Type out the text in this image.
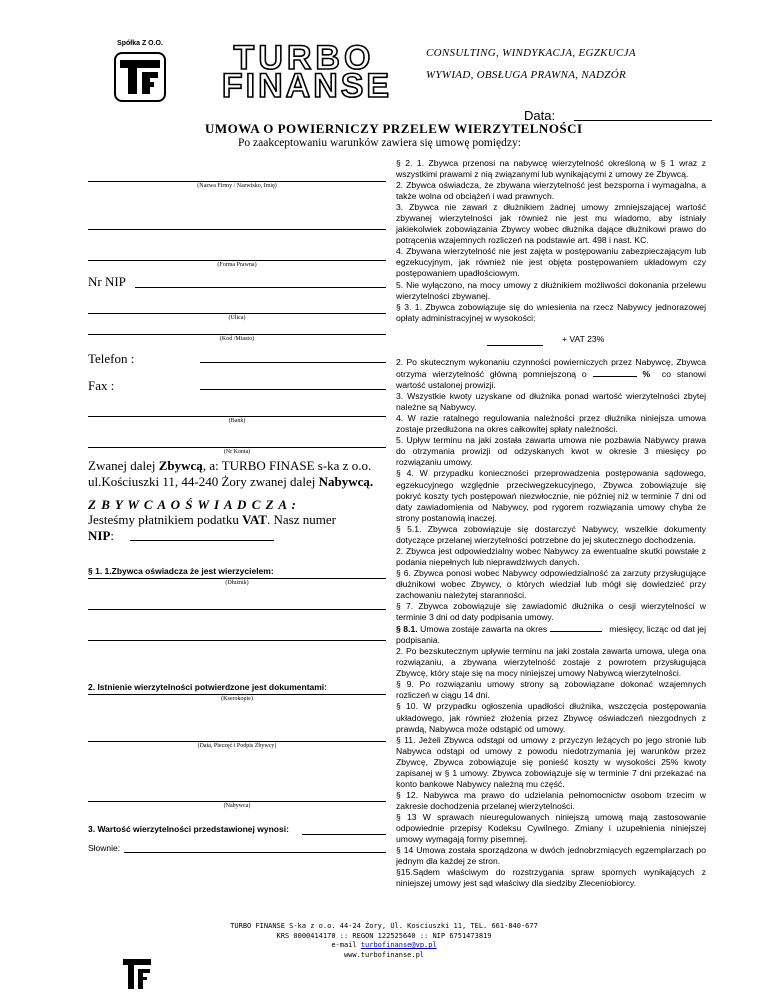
Spółka Z O.O.	TURBO
FINANSE
CONSULTING, WINDYKACJA, EGZKUCJA
WYWIAD, OBSŁUGA PRAWNA, NADZÓR
Data:
UMOWA O POWIERNICZY PRZELEW WIERZYTELNOŚCI
Po zaakceptowaniu warunków zawiera się umowę pomiędzy:
(Nazwa Firmy / Nazwisko, Imię)
(Forma Prawna)
Nr NIP
(Ulica)
(Kod /Miasto)
Telefon :
Fax :
(Bank)
(Nr Konta)
Zwanej dalej Zbywcą, a: TURBO FINASE s-ka z o.o.
ul.Kościuszki 11, 44-240 Żory zwanej dalej Nabywcą.
Z B Y W C A O Ś W I A D C Z A :
Jesteśmy płatnikiem podatku VAT. Nasz numer
NIP:
§ 1. 1.Zbywca oświadcza że jest wierzycielem:
(Dłużnik)
2. Istnienie wierzytelności potwierdzone jest dokumentami:
(Kserokopie)
(Data, Pieczęć i Podpis Zbywcy)
(Nabywca)
3. Wartość wierzytelności przedstawionej wynosi:
Słownie:

§ 2. 1. Zbywca przenosi na nabywcę wierzytelność określoną w § 1 wraz z wszystkimi prawami z nią związanymi lub wynikającymi z umowy ze Zbywcą.

2. Zbywca oświadcza, że zbywana wierzytelność jest bezsporna i wymagalna, a także wolna od obciążeń i wad prawnych.

3. Zbywca nie zawarł z dłużnikiem żadnej umowy zmniejszającej wartość zbywanej wierzytelności jak również nie jest mu wiadomo, aby istniały jakiekolwiek zobowiązania Zbywcy wobec dłużnika dające dłużnikowi prawo do potrącenia wzajemnych rozliczeń na podstawie art. 498 i nast. KC.

4. Zbywana wierzytelność nie jest zajęta w postępowaniu zabezpieczającym lub egzekucyjnym, jak również nie jest objęta postępowaniem układowym czy postępowaniem upadłościowym.

5. Nie wyłączono, na mocy umowy z dłużnikiem możliwości dokonania przelewu wierzytelności zbywanej.

§ 3. 1. Zbywca zobowiązuje się do wniesienia na rzecz Nabywcy jednorazowej opłaty administracyjnej w wysokości:

+ VAT 23%

2. Po skutecznym wykonaniu czynności powierniczych przez Nabywcę, Zbywca otrzyma wierzytelność główną pomniejszoną o	% co stanowi wartość ustalonej prowizji.

3. Wszystkie kwoty uzyskane od dłużnika ponad wartość wierzytelności zbytej należne są Nabywcy.

4. W razie ratalnego regulowania należności przez dłużnika niniejsza umowa zostaje przedłużona na okres całkowitej spłaty należności.

5. Upływ terminu na jaki została zawarta umowa nie pozbawia Nabywcy prawa do otrzymania prowizji od odzyskanych kwot w okresie 3 miesięcy po rozwiązaniu umowy.

§ 4. W przypadku konieczności przeprowadzenia postępowania sądowego, egzekucyjnego względnie przeciwegzekucyjnego, Zbywca zobowiązuje się pokryć koszty tych postępowań niezwłocznie, nie później niż w terminie 7 dni od daty zawiadomienia od Nabywcy, pod rygorem rozwiązania umowy chyba że strony postanowią inaczej.

§ 5.1. Zbywca zobowiązuje się dostarczyć Nabywcy, wszelkie dokumenty dotyczące przelanej wierzytelności potrzebne do jej skutecznego dochodzenia.

2. Zbywca jest odpowiedzialny wobec Nabywcy za ewentualne skutki powstałe z podania niepełnych lub nieprawdziwych danych.

§ 6. Zbywca ponosi wobec Nabywcy odpowiedzialność za zarzuty przysługujące dłużnikowi wobec Zbywcy, o których wiedział lub mógł się dowiedzieć przy zachowaniu należytej staranności.

§ 7. Zbywca zobowiązuje się zawiadomić dłużnika o cesji wierzytelności w terminie 3 dni od daty podpisania umowy.

§ 8.1. Umowa zostaje zawarta na okres	miesięcy, licząc od dat jej podpisania.

2. Po bezskutecznym upływie terminu na jaki została zawarta umowa, ulega ona rozwiązaniu, a zbywana wierzytelność zostaje z powrotem przysługująca Zbywcę, który staje się na mocy niniejszej umowy Nabywcą wierzytelności.

§ 9. Po rozwiązaniu umowy strony są zobowiązane dokonać wzajemnych rozliczeń w ciągu 14 dni.

§ 10. W przypadku ogłoszenia upadłości dłużnika, wszczęcia postępowania układowego, jak również złożenia przez Zbywcę oświadczeń niezgodnych z prawdą, Nabywca może odstąpić od umowy.

§ 11. Jeżeli Zbywca odstąpi od umowy z przyczyn leżących po jego stronie lub Nabywca odstąpi od umowy z powodu niedotrzymania jej warunków przez Zbywcę, Zbywca zobowiązuje się ponieść koszty w wysokości 25% kwoty zapisanej w § 1 umowy. Zbywca zobowiązuje się w terminie 7 dni przekazać na konto bankowe Nabywcy należną mu część.

§ 12. Nabywca ma prawo do udzielania pełnomocnictw osobom trzecim w zakresie dochodzenia przelanej wierzytelności.

§ 13 W sprawach nieuregulowanych niniejszą umową mają zastosowanie odpowiednie przepisy Kodeksu Cywilnego. Zmiany i uzupełnienia niniejszej umowy wymagają formy pisemnej.

§ 14 Umowa została sporządzona w dwóch jednobrzmiących egzemplarzach po jednym dla każdej ze stron.

§15.Sądem właściwym do rozstrzygania spraw spornych wynikających z niniejszej umowy jest sąd właściwy dla siedziby Zleceniobiorcy.

TURBO FINANSE S-ka z o.o. 44-24 Żory, Ul. Kosciuszki 11, TEL. 661-840-677
KRS 0000414170 :: REGON 122525640 :: NIP 6751473819
e-mail turbofinanse@vp.pl
www.turbofinanse.pl
